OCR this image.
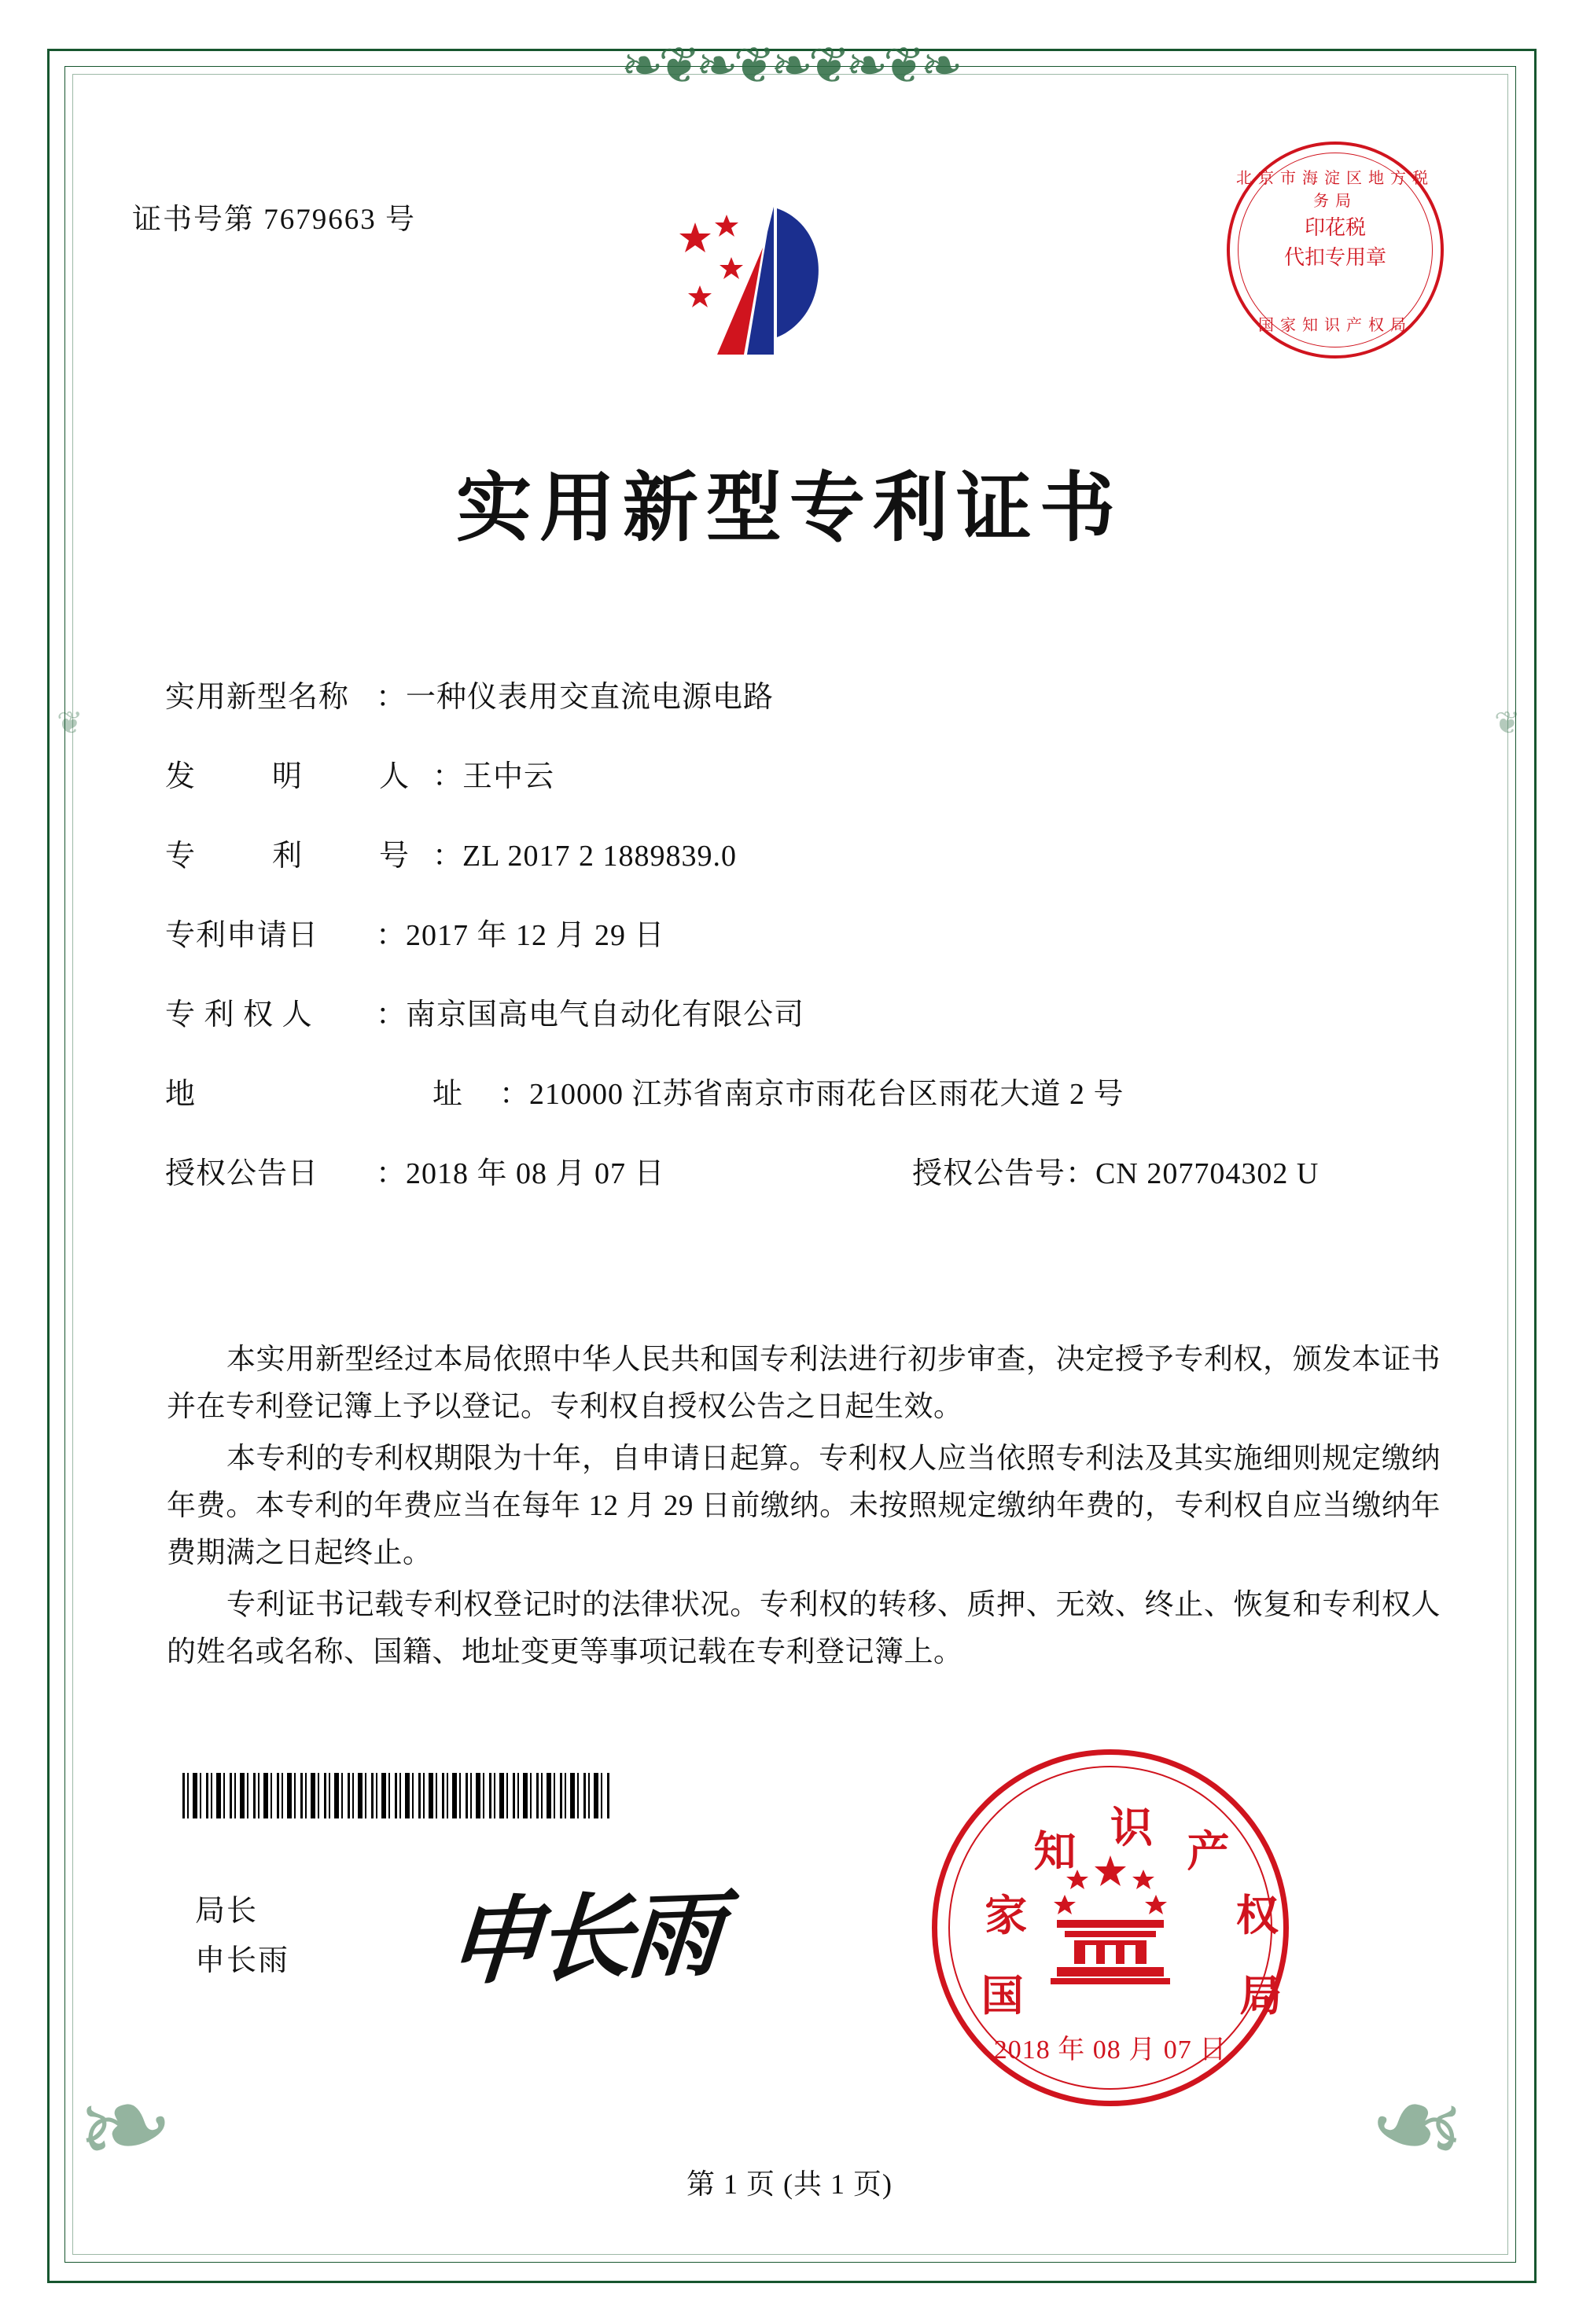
❧❦❧❦❧❦❧❦❧
❧	❧
❦	❦
证书号第 7679663 号
北京市海淀区地方税务局
印花税
代扣专用章
国家知识产权局
实用新型专利证书
实用新型名称 ：一种仪表用交直流电源电路
发　明　人：王中云
专　利　号：ZL 2017 2 1889839.0
专利申请日 ：2017 年 12 月 29 日
专 利 权 人 ：南京国高电气自动化有限公司
地　　　址：210000 江苏省南京市雨花台区雨花大道 2 号
授权公告日 ：2018 年 08 月 07 日	授权公告号：CN 207704302 U

本实用新型经过本局依照中华人民共和国专利法进行初步审查，决定授予专利权，颁发本证书并在专利登记簿上予以登记。专利权自授权公告之日起生效。

本专利的专利权期限为十年，自申请日起算。专利权人应当依照专利法及其实施细则规定缴纳年费。本专利的年费应当在每年 12 月 29 日前缴纳。未按照规定缴纳年费的，专利权自应当缴纳年费期满之日起终止。

专利证书记载专利权登记时的法律状况。专利权的转移、质押、无效、终止、恢复和专利权人的姓名或名称、国籍、地址变更等事项记载在专利登记簿上。

局长
申长雨 申长雨	国
家
知 识 产
权
局
2018 年 08 月 07 日
第 1 页 (共 1 页)
